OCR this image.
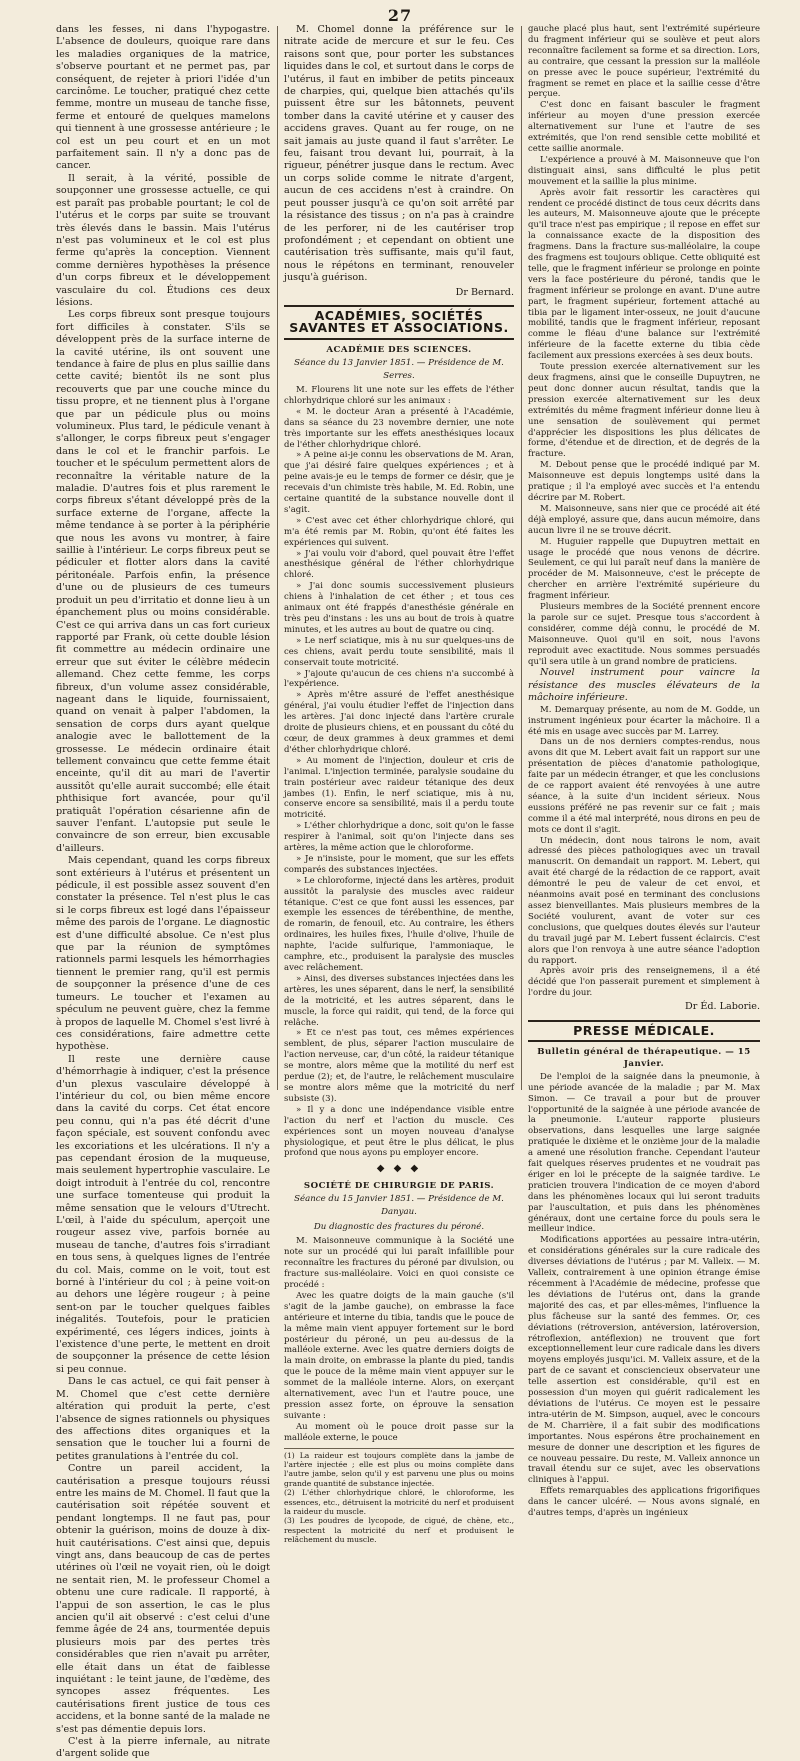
27

dans les fesses, ni dans l'hypogastre. L'absence de douleurs, quoique rare dans les maladies organiques de la matrice, s'observe pourtant et ne permet pas, par conséquent, de rejeter à priori l'idée d'un carcinôme. Le toucher, pratiqué chez cette femme, montre un museau de tanche fisse, ferme et entouré de quelques mamelons qui tiennent à une grossesse antérieure ; le col est un peu court et en un mot parfaitement sain. Il n'y a donc pas de cancer.

Il serait, à la vérité, possible de soupçonner une grossesse actuelle, ce qui est paraît pas probable pourtant; le col de l'utérus et le corps par suite se trouvant très élevés dans le bassin. Mais l'utérus n'est pas volumineux et le col est plus ferme qu'après la conception. Viennent comme dernières hypothèses la présence d'un corps fibreux et le développement vasculaire du col. Étudions ces deux lésions.

Les corps fibreux sont presque toujours fort difficiles à constater. S'ils se développent près de la surface interne de la cavité utérine, ils ont souvent une tendance à faire de plus en plus saillie dans cette cavité; bientôt ils ne sont plus recouverts que par une couche mince du tissu propre, et ne tiennent plus à l'organe que par un pédicule plus ou moins volumineux. Plus tard, le pédicule venant à s'allonger, le corps fibreux peut s'engager dans le col et le franchir parfois. Le toucher et le spéculum permettent alors de reconnaître la véritable nature de la maladie. D'autres fois et plus rarement le corps fibreux s'étant développé près de la surface externe de l'organe, affecte la même tendance à se porter à la périphérie que nous les avons vu montrer, à faire saillie à l'intérieur. Le corps fibreux peut se pédiculer et flotter alors dans la cavité péritonéale. Parfois enfin, la présence d'une ou de plusieurs de ces tumeurs produit un peu d'irritatio et donne lieu à un épanchement plus ou moins considérable. C'est ce qui arriva dans un cas fort curieux rapporté par Frank, où cette double lésion fit commettre au médecin ordinaire une erreur que sut éviter le célèbre médecin allemand. Chez cette femme, les corps fibreux, d'un volume assez considérable, nageant dans le liquide, fournissaient, quand on venait à palper l'abdomen, la sensation de corps durs ayant quelque analogie avec le ballottement de la grossesse. Le médecin ordinaire était tellement convaincu que cette femme était enceinte, qu'il dit au mari de l'avertir aussitôt qu'elle aurait succombé; elle était phthisique fort avancée, pour qu'il pratiquât l'opération césarienne afin de sauver l'enfant. L'autopsie put seule le convaincre de son erreur, bien excusable d'ailleurs.

Mais cependant, quand les corps fibreux sont extérieurs à l'utérus et présentent un pédicule, il est possible assez souvent d'en constater la présence. Tel n'est plus le cas si le corps fibreux est logé dans l'épaisseur même des parois de l'organe. Le diagnostic est d'une difficulté absolue. Ce n'est plus que par la réunion de symptômes rationnels parmi lesquels les hémorrhagies tiennent le premier rang, qu'il est permis de soupçonner la présence d'une de ces tumeurs. Le toucher et l'examen au spéculum ne peuvent guère, chez la femme à propos de laquelle M. Chomel s'est livré à ces considérations, faire admettre cette hypothèse.

Il reste une dernière cause d'hémorrhagie à indiquer, c'est la présence d'un plexus vasculaire développé à l'intérieur du col, ou bien même encore dans la cavité du corps. Cet état encore peu connu, qui n'a pas été décrit d'une façon spéciale, est souvent confondu avec les excoriations et les ulcérations. Il n'y a pas cependant érosion de la muqueuse, mais seulement hypertrophie vasculaire. Le doigt introduit à l'entrée du col, rencontre une surface tomenteuse qui produit la même sensation que le velours d'Utrecht. L'œil, à l'aide du spéculum, aperçoit une rougeur assez vive, parfois bornée au museau de tanche, d'autres fois s'irradiant en tous sens, à quelques lignes de l'entrée du col. Mais, comme on le voit, tout est borné à l'intérieur du col ; à peine voit-on au dehors une légère rougeur ; à peine sent-on par le toucher quelques faibles inégalités. Toutefois, pour le praticien expérimenté, ces légers indices, joints à l'existence d'une perte, le mettent en droit de soupçonner la présence de cette lésion si peu connue.

Dans le cas actuel, ce qui fait penser à M. Chomel que c'est cette dernière altération qui produit la perte, c'est l'absence de signes rationnels ou physiques des affections dites organiques et la sensation que le toucher lui a fourni de petites granulations à l'entrée du col.

Contre un pareil accident, la cautérisation a presque toujours réussi entre les mains de M. Chomel. Il faut que la cautérisation soit répétée souvent et pendant longtemps. Il ne faut pas, pour obtenir la guérison, moins de douze à dix-huit cautérisations. C'est ainsi que, depuis vingt ans, dans beaucoup de cas de pertes utérines où l'œil ne voyait rien, où le doigt ne sentait rien, M. le professeur Chomel a obtenu une cure radicale. Il rapporté, à l'appui de son assertion, le cas le plus ancien qu'il ait observé : c'est celui d'une femme âgée de 24 ans, tourmentée depuis plusieurs mois par des pertes très considérables que rien n'avait pu arrêter, elle était dans un état de faiblesse inquiétant : le teint jaune, de l'œdème, des syncopes assez fréquentes. Les cautérisations firent justice de tous ces accidens, et la bonne santé de la malade ne s'est pas démentie depuis lors.

C'est à la pierre infernale, au nitrate d'argent solide que

M. Chomel donne la préférence sur le nitrate acide de mercure et sur le feu. Ces raisons sont que, pour porter les substances liquides dans le col, et surtout dans le corps de l'utérus, il faut en imbiber de petits pinceaux de charpies, qui, quelque bien attachés qu'ils puissent être sur les bâtonnets, peuvent tomber dans la cavité utérine et y causer des accidens graves. Quant au fer rouge, on ne sait jamais au juste quand il faut s'arrêter. Le feu, faisant trou devant lui, pourrait, à la rigueur, pénétrer jusque dans le rectum. Avec un corps solide comme le nitrate d'argent, aucun de ces accidens n'est à craindre. On peut pousser jusqu'à ce qu'on soit arrêté par la résistance des tissus ; on n'a pas à craindre de les perforer, ni de les cautériser trop profondément ; et cependant on obtient une cautérisation très suffisante, mais qu'il faut, nous le répétons en terminant, renouveler jusqu'à guérison.

Dr Bernard.
ACADÉMIES, SOCIÉTÉS SAVANTES ET ASSOCIATIONS.
ACADÉMIE DES SCIENCES.
Séance du 13 Janvier 1851. — Présidence de M. Serres.

M. Flourens lit une note sur les effets de l'éther chlorhydrique chloré sur les animaux :

« M. le docteur Aran a présenté à l'Académie, dans sa séance du 23 novembre dernier, une note très importante sur les effets anesthésiques locaux de l'éther chlorhydrique chloré.

» A peine ai-je connu les observations de M. Aran, que j'ai désiré faire quelques expériences ; et à peine avais-je eu le temps de former ce désir, que je recevais d'un chimiste très habile, M. Ed. Robin, une certaine quantité de la substance nouvelle dont il s'agit.

» C'est avec cet éther chlorhydrique chloré, qui m'a été remis par M. Robin, qu'ont été faites les expériences qui suivent.

» J'ai voulu voir d'abord, quel pouvait être l'effet anesthésique général de l'éther chlorhydrique chloré.

» J'ai donc soumis successivement plusieurs chiens à l'inhalation de cet éther ; et tous ces animaux ont été frappés d'anesthésie générale en très peu d'instans : les uns au bout de trois à quatre minutes, et les autres au bout de quatre ou cinq.

» Le nerf sciatique, mis à nu sur quelques-uns de ces chiens, avait perdu toute sensibilité, mais il conservait toute motricité.

» J'ajoute qu'aucun de ces chiens n'a succombé à l'expérience.

» Après m'être assuré de l'effet anesthésique général, j'ai voulu étudier l'effet de l'injection dans les artères. J'ai donc injecté dans l'artère crurale droite de plusieurs chiens, et en poussant du côté du cœur, de deux grammes à deux grammes et demi d'éther chlorhydrique chloré.

» Au moment de l'injection, douleur et cris de l'animal. L'injection terminée, paralysie soudaine du train postérieur avec raideur tétanique des deux jambes (1). Enfin, le nerf sciatique, mis à nu, conserve encore sa sensibilité, mais il a perdu toute motricité.

» L'éther chlorhydrique a donc, soit qu'on le fasse respirer à l'animal, soit qu'on l'injecte dans ses artères, la même action que le chloroforme.

» Je n'insiste, pour le moment, que sur les effets comparés des substances injectées.

» Le chloroforme, injecté dans les artères, produit aussitôt la paralysie des muscles avec raideur tétanique. C'est ce que font aussi les essences, par exemple les essences de térébenthine, de menthe, de romarin, de fenouil, etc. Au contraire, les éthers ordinaires, les huiles fixes, l'huile d'olive, l'huile de naphte, l'acide sulfurique, l'ammoniaque, le camphre, etc., produisent la paralysie des muscles avec relâchement.

» Ainsi, des diverses substances injectées dans les artères, les unes séparent, dans le nerf, la sensibilité de la motricité, et les autres séparent, dans le muscle, la force qui raidit, qui tend, de la force qui relâche.

» Et ce n'est pas tout, ces mêmes expériences semblent, de plus, séparer l'action musculaire de l'action nerveuse, car, d'un côté, la raideur tétanique se montre, alors même que la motilité du nerf est perdue (2); et, de l'autre, le relâchement musculaire se montre alors même que la motricité du nerf subsiste (3).

» Il y a donc une indépendance visible entre l'action du nerf et l'action du muscle. Ces expériences sont un moyen nouveau d'analyse physiologique, et peut être le plus délicat, le plus profond que nous ayons pu employer encore.

◆ ◆ ◆
SOCIÉTÉ DE CHIRURGIE DE PARIS.
Séance du 15 Janvier 1851. — Présidence de M. Danyau.
Du diagnostic des fractures du péroné.

M. Maisonneuve communique à la Société une note sur un procédé qui lui paraît infaillible pour reconnaître les fractures du péroné par divulsion, ou fracture sus-malléolaire. Voici en quoi consiste ce procédé :

Avec les quatre doigts de la main gauche (s'il s'agit de la jambe gauche), on embrasse la face antérieure et interne du tibia, tandis que le pouce de la même main vient appuyer fortement sur le bord postérieur du péroné, un peu au-dessus de la malléole externe. Avec les quatre derniers doigts de la main droite, on embrasse la plante du pied, tandis que le pouce de la même main vient appuyer sur le sommet de la malléole interne. Alors, on exerçant alternativement, avec l'un et l'autre pouce, une pression assez forte, on éprouve la sensation suivante :

Au moment où le pouce droit passe sur la malléole externe, le pouce

(1) La raideur est toujours complète dans la jambe de l'artère injectée ; elle est plus ou moins complète dans l'autre jambe, selon qu'il y est parvenu une plus ou moins grande quantité de substance injectée.

(2) L'éther chlorhydrique chloré, le chloroforme, les essences, etc., détruisent la motricité du nerf et produisent la raideur du muscle.

(3) Les poudres de lycopode, de cigué, de chène, etc., respectent la motricité du nerf et produisent le relâchement du muscle.

gauche placé plus haut, sent l'extrémité supérieure du fragment inférieur qui se soulève et peut alors reconnaître facilement sa forme et sa direction. Lors, au contraire, que cessant la pression sur la malléole on presse avec le pouce supérieur, l'extrémité du fragment se remet en place et la saillie cesse d'être perçue.

C'est donc en faisant basculer le fragment inférieur au moyen d'une pression exercée alternativement sur l'une et l'autre de ses extrémités, que l'on rend sensible cette mobilité et cette saillie anormale.

L'expérience a prouvé à M. Maisonneuve que l'on distinguait ainsi, sans difficulté le plus petit mouvement et la saillie la plus minime.

Après avoir fait ressortir les caractères qui rendent ce procédé distinct de tous ceux décrits dans les auteurs, M. Maisonneuve ajoute que le précepte qu'il trace n'est pas empirique ; il repose en effet sur la connaissance exacte de la disposition des fragmens. Dans la fracture sus-malléolaire, la coupe des fragmens est toujours oblique. Cette obliquité est telle, que le fragment inférieur se prolonge en pointe vers la face postérieure du péroné, tandis que le fragment inférieur se prolonge en avant. D'une autre part, le fragment supérieur, fortement attaché au tibia par le ligament inter-osseux, ne jouit d'aucune mobilité, tandis que le fragment inférieur, reposant comme le fléau d'une balance sur l'extrémité inférieure de la facette externe du tibia cède facilement aux pressions exercées à ses deux bouts.

Toute pression exercée alternativement sur les deux fragmens, ainsi que le conseille Dupuytren, ne peut donc donner aucun résultat, tandis que la pression exercée alternativement sur les deux extrémités du même fragment inférieur donne lieu à une sensation de soulèvement qui permet d'apprécier les dispositions les plus délicates de forme, d'étendue et de direction, et de degrés de la fracture.

M. Debout pense que le procédé indiqué par M. Maisonneuve est depuis longtemps usité dans la pratique ; il l'a employé avec succès et l'a entendu décrire par M. Robert.

M. Maisonneuve, sans nier que ce procédé ait été déjà employé, assure que, dans aucun mémoire, dans aucun livre il ne se trouve décrit.

M. Huguier rappelle que Dupuytren mettait en usage le procédé que nous venons de décrire. Seulement, ce qui lui paraît neuf dans la manière de procéder de M. Maisonneuve, c'est le précepte de chercher en arrière l'extrémité supérieure du fragment inférieur.

Plusieurs membres de la Société prennent encore la parole sur ce sujet. Presque tous s'accordent à considérer, comme déjà connu, le procédé de M. Maisonneuve. Quoi qu'il en soit, nous l'avons reproduit avec exactitude. Nous sommes persuadés qu'il sera utile à un grand nombre de praticiens.

Nouvel instrument pour vaincre la résistance des muscles élévateurs de la mâchoire inférieure.

M. Demarquay présente, au nom de M. Godde, un instrument ingénieux pour écarter la mâchoire. Il a été mis en usage avec succès par M. Larrey.

Dans un de nos derniers comptes-rendus, nous avons dit que M. Lebert avait fait un rapport sur une présentation de pièces d'anatomie pathologique, faite par un médecin étranger, et que les conclusions de ce rapport avaient été renvoyées à une autre séance, à la suite d'un incident sérieux. Nous eussions préféré ne pas revenir sur ce fait ; mais comme il a été mal interprété, nous dirons en peu de mots ce dont il s'agit.

Un médecin, dont nous tairons le nom, avait adressé des pièces pathologiques avec un travail manuscrit. On demandait un rapport. M. Lebert, qui avait été chargé de la rédaction de ce rapport, avait démontré le peu de valeur de cet envoi, et néanmoins avait posé en terminant des conclusions assez bienveillantes. Mais plusieurs membres de la Société voulurent, avant de voter sur ces conclusions, que quelques doutes élevés sur l'auteur du travail jugé par M. Lebert fussent éclaircis. C'est alors que l'on renvoya à une autre séance l'adoption du rapport.

Après avoir pris des renseignemens, il a été décidé que l'on passerait purement et simplement à l'ordre du jour.

Dr Éd. Laborie.
PRESSE MÉDICALE.
Bulletin général de thérapeutique. — 15 Janvier.

De l'emploi de la saignée dans la pneumonie, à une période avancée de la maladie ; par M. Max Simon. — Ce travail a pour but de prouver l'opportunité de la saignée à une période avancée de la pneumonie. L'auteur rapporte plusieurs observations, dans lesquelles une large saignée pratiquée le dixième et le onzième jour de la maladie a amené une résolution franche. Cependant l'auteur fait quelques réserves prudentes et ne voudrait pas ériger en loi le précepte de la saignée tardive. Le praticien trouvera l'indication de ce moyen d'abord dans les phénomènes locaux qui lui seront traduits par l'auscultation, et puis dans les phénomènes généraux, dont une certaine force du pouls sera le meilleur indice.

Modifications apportées au pessaire intra-utérin, et considérations générales sur la cure radicale des diverses déviations de l'utérus ; par M. Valleix. — M. Valleix, contrairement à une opinion étrange émise récemment à l'Académie de médecine, professe que les déviations de l'utérus ont, dans la grande majorité des cas, et par elles-mêmes, l'influence la plus fâcheuse sur la santé des femmes. Or, ces déviations (rétroversion, antéversion, latéroversion, rétroflexion, antéflexion) ne trouvent que fort exceptionnellement leur cure radicale dans les divers moyens employés jusqu'ici. M. Valleix assure, et de la part de ce savant et consciencieux observateur une telle assertion est considérable, qu'il est en possession d'un moyen qui guérit radicalement les déviations de l'utérus. Ce moyen est le pessaire intra-utérin de M. Simpson, auquel, avec le concours de M. Charrière, il a fait subir des modifications importantes. Nous espérons être prochainement en mesure de donner une description et les figures de ce nouveau pessaire. Du reste, M. Valleix annonce un travail étendu sur ce sujet, avec les observations cliniques à l'appui.

Effets remarquables des applications frigorifiques dans le cancer ulcéré. — Nous avons signalé, en d'autres temps, d'après un ingénieux
